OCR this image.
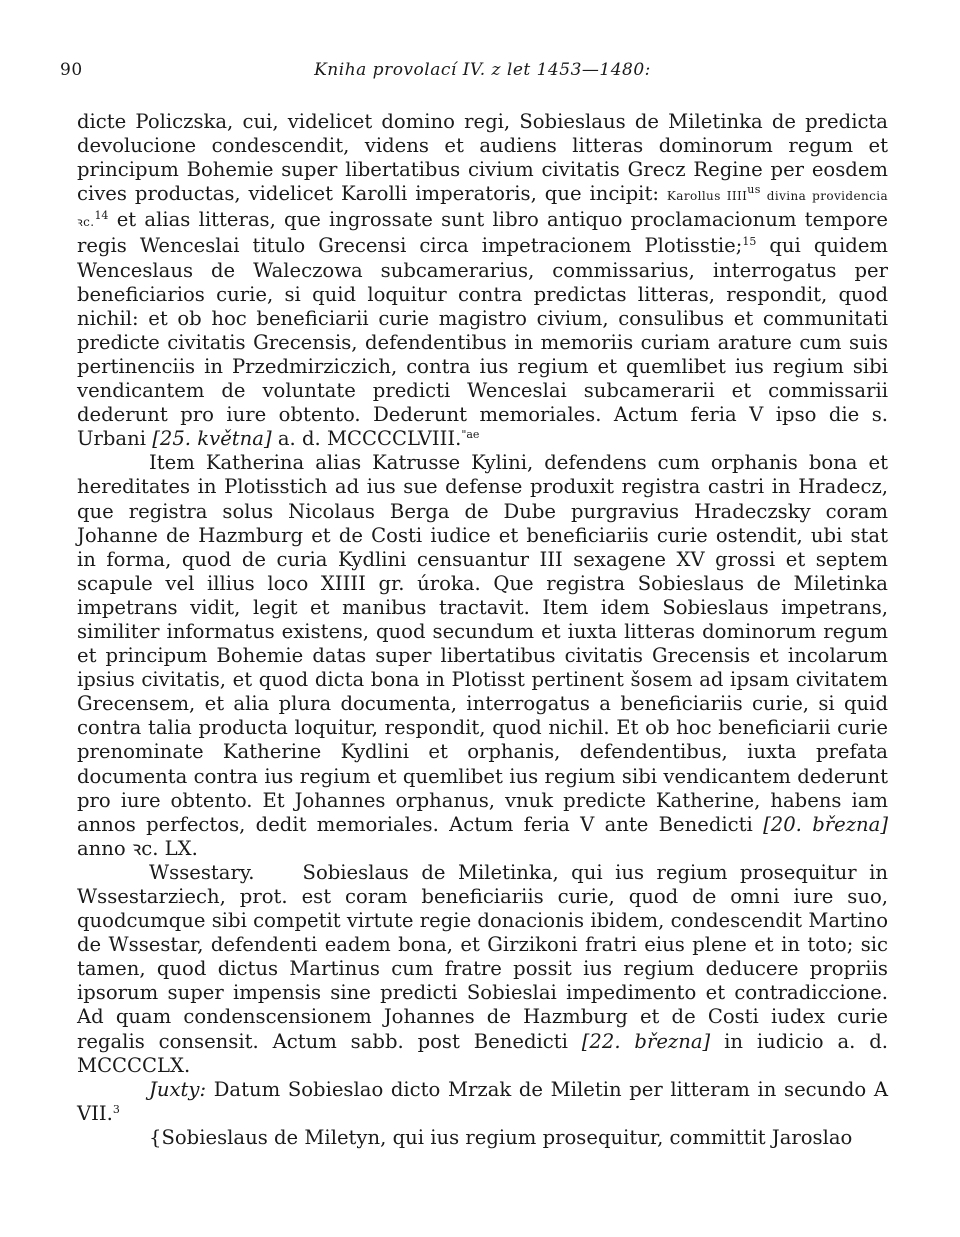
90	Kniha provolací IV. z let 1453—1480:

dicte Policzska, cui, videlicet domino regi, Sobieslaus de Miletinka de predicta devolucione condescendit, videns et audiens litteras dominorum regum et principum Bohemie super libertatibus civium civitatis Grecz Regine per eosdem cives productas, videlicet Karolli imperatoris, que incipit: Karollus $IIII^{us}$ divina providencia ꝛc.$^{14}$ et alias litteras, que ingrossate sunt libro antiquo proclamacionum tempore regis Wenceslai titulo Grecensi circa impetracionem Plotisstie;$^{15}$ qui quidem Wenceslaus de Waleczowa subcamerarius, commissarius, interrogatus per beneficiarios curie, si quid loquitur contra predictas litteras, respondit, quod nichil: et ob hoc beneficiarii curie magistro civium, consulibus et communitati predicte civitatis Grecensis, defendentibus in memoriis curiam arature cum suis pertinenciis in Przedmirziczich, contra ius regium et quemlibet ius regium sibi vendicantem de voluntate predicti Wenceslai subcamerarii et commissarii dederunt pro iure obtento. Dederunt memoriales. Actum feria V ipso die s. Urbani [25. května] a. d. MCCCCLVIII.$^{"ae}$

Item Katherina alias Katrusse Kylini, defendens cum orphanis bona et hereditates in Plotisstich ad ius sue defense produxit registra castri in Hradecz, que registra solus Nicolaus Berga de Dube purgravius Hradeczsky coram Johanne de Hazmburg et de Costi iudice et beneficiariis curie ostendit, ubi stat in forma, quod de curia Kydlini censuantur III sexagene XV grossi et septem scapule vel illius loco XIIII gr. úroka. Que registra Sobieslaus de Miletinka impetrans vidit, legit et manibus tractavit. Item idem Sobieslaus impetrans, similiter informatus existens, quod secundum et iuxta litteras dominorum regum et principum Bohemie datas super libertatibus civitatis Grecensis et incolarum ipsius civitatis, et quod dicta bona in Plotisst pertinent šosem ad ipsam civitatem Grecensem, et alia plura documenta, interrogatus a beneficiariis curie, si quid contra talia producta loquitur, respondit, quod nichil. Et ob hoc beneficiarii curie prenominate Katherine Kydlini et orphanis, defendentibus, iuxta prefata documenta contra ius regium et quemlibet ius regium sibi vendicantem dederunt pro iure obtento. Et Johannes orphanus, vnuk predicte Katherine, habens iam annos perfectos, dedit memoriales. Actum feria V ante Benedicti [20. března] anno ꝛc. LX.

Wssestary. Sobieslaus de Miletinka, qui ius regium prosequitur in Wssestarziech, prot. est coram beneficiariis curie, quod de omni iure suo, quodcumque sibi competit virtute regie donacionis ibidem, condescendit Martino de Wssestar, defendenti eadem bona, et Girzikoni fratri eius plene et in toto; sic tamen, quod dictus Martinus cum fratre possit ius regium deducere propriis ipsorum super impensis sine predicti Sobieslai impedimento et contradiccione. Ad quam condenscensionem Johannes de Hazmburg et de Costi iudex curie regalis consensit. Actum sabb. post Benedicti [22. března] in iudicio a. d. MCCCCLX.

Juxty: Datum Sobieslao dicto Mrzak de Miletin per litteram in secundo A VII.$^3$

{Sobieslaus de Miletyn, qui ius regium prosequitur, committit Jaroslao
